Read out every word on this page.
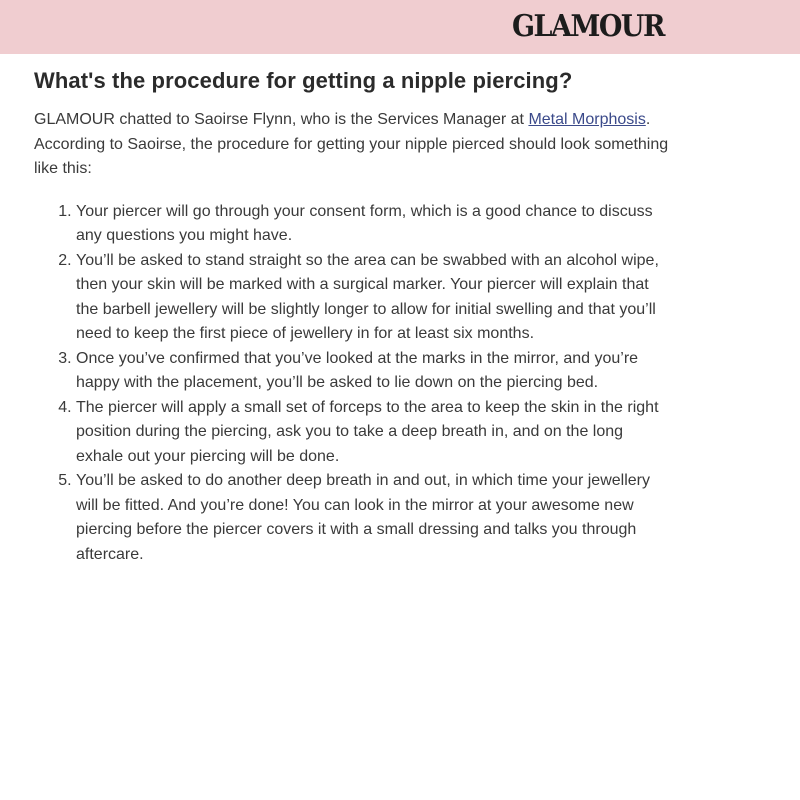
GLAMOUR
What's the procedure for getting a nipple piercing?

GLAMOUR chatted to Saoirse Flynn, who is the Services Manager at Metal Morphosis. According to Saoirse, the procedure for getting your nipple pierced should look something like this:

1. Your piercer will go through your consent form, which is a good chance to discuss any questions you might have.
2. You’ll be asked to stand straight so the area can be swabbed with an alcohol wipe, then your skin will be marked with a surgical marker. Your piercer will explain that the barbell jewellery will be slightly longer to allow for initial swelling and that you’ll need to keep the first piece of jewellery in for at least six months.
3. Once you’ve confirmed that you’ve looked at the marks in the mirror, and you’re happy with the placement, you’ll be asked to lie down on the piercing bed.
4. The piercer will apply a small set of forceps to the area to keep the skin in the right position during the piercing, ask you to take a deep breath in, and on the long exhale out your piercing will be done.
5. You’ll be asked to do another deep breath in and out, in which time your jewellery will be fitted. And you’re done! You can look in the mirror at your awesome new piercing before the piercer covers it with a small dressing and talks you through aftercare.
